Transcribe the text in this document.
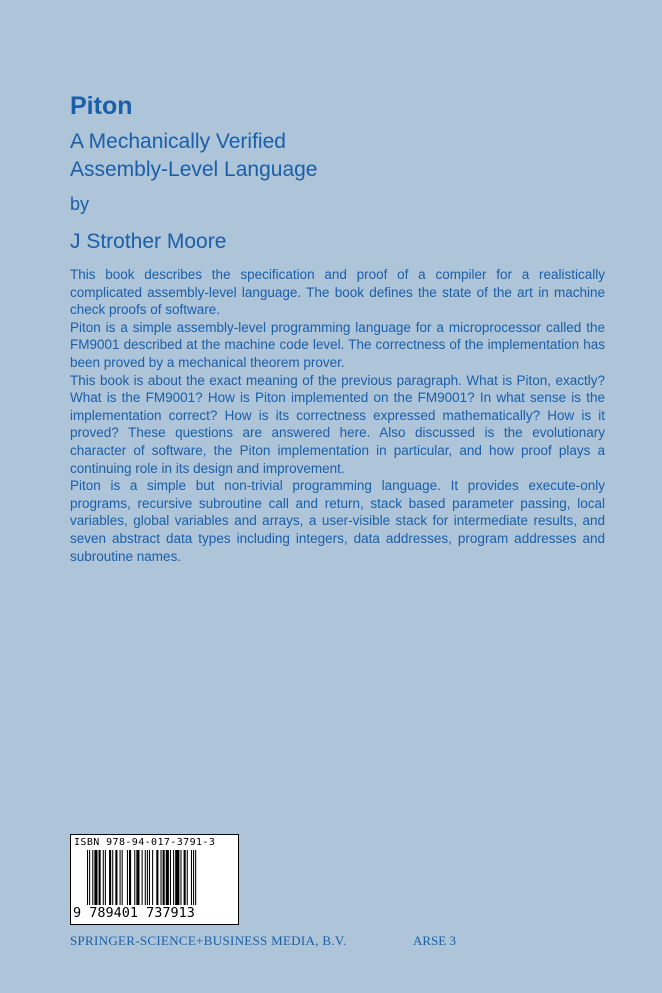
Piton
A Mechanically Verified
Assembly-Level Language
by
J Strother Moore

This book describes the specification and proof of a compiler for a realistically complicated assembly-level language. The book defines the state of the art in machine check proofs of software.

Piton is a simple assembly-level programming language for a microprocessor called the FM9001 described at the machine code level. The correctness of the implementation has been proved by a mechanical theorem prover.

This book is about the exact meaning of the previous paragraph. What is Piton, exactly? What is the FM9001? How is Piton implemented on the FM9001? In what sense is the implementation correct? How is its correctness expressed mathematically? How is it proved? These questions are answered here. Also discussed is the evolutionary character of software, the Piton implementation in particular, and how proof plays a continuing role in its design and improvement.

Piton is a simple but non-trivial programming language. It provides execute-only programs, recursive subroutine call and return, stack based parameter passing, local variables, global variables and arrays, a user-visible stack for intermediate results, and seven abstract data types including integers, data addresses, program addresses and subroutine names.

ISBN 978-94-017-3791-3
9 789401 737913
SPRINGER-SCIENCE+BUSINESS MEDIA, B.V.	ARSE 3
